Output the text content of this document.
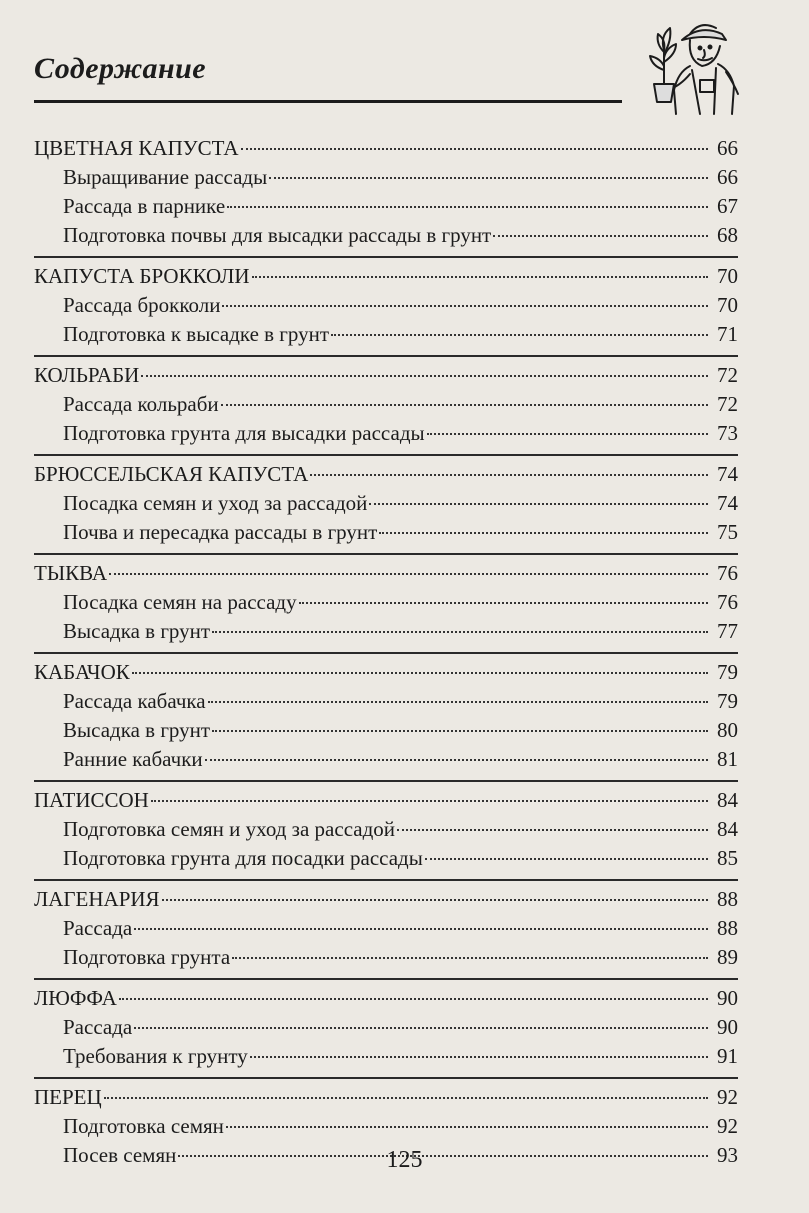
Содержание
ЦВЕТНАЯ КАПУСТА	66
Выращивание рассады	66
Рассада в парнике	67
Подготовка почвы для высадки рассады в грунт	68
КАПУСТА БРОККОЛИ	70
Рассада брокколи	70
Подготовка к высадке в грунт	71
КОЛЬРАБИ	72
Рассада кольраби	72
Подготовка грунта для высадки рассады	73
БРЮССЕЛЬСКАЯ КАПУСТА	74
Посадка семян и уход за рассадой	74
Почва и пересадка рассады в грунт	75
ТЫКВА	76
Посадка семян на рассаду	76
Высадка в грунт	77
КАБАЧОК	79
Рассада кабачка	79
Высадка в грунт	80
Ранние кабачки	81
ПАТИССОН	84
Подготовка семян и уход за рассадой	84
Подготовка грунта для посадки рассады	85
ЛАГЕНАРИЯ	88
Рассада	88
Подготовка грунта	89
ЛЮФФА	90
Рассада	90
Требования к грунту	91
ПЕРЕЦ	92
Подготовка семян	92
Посев семян	93
125
